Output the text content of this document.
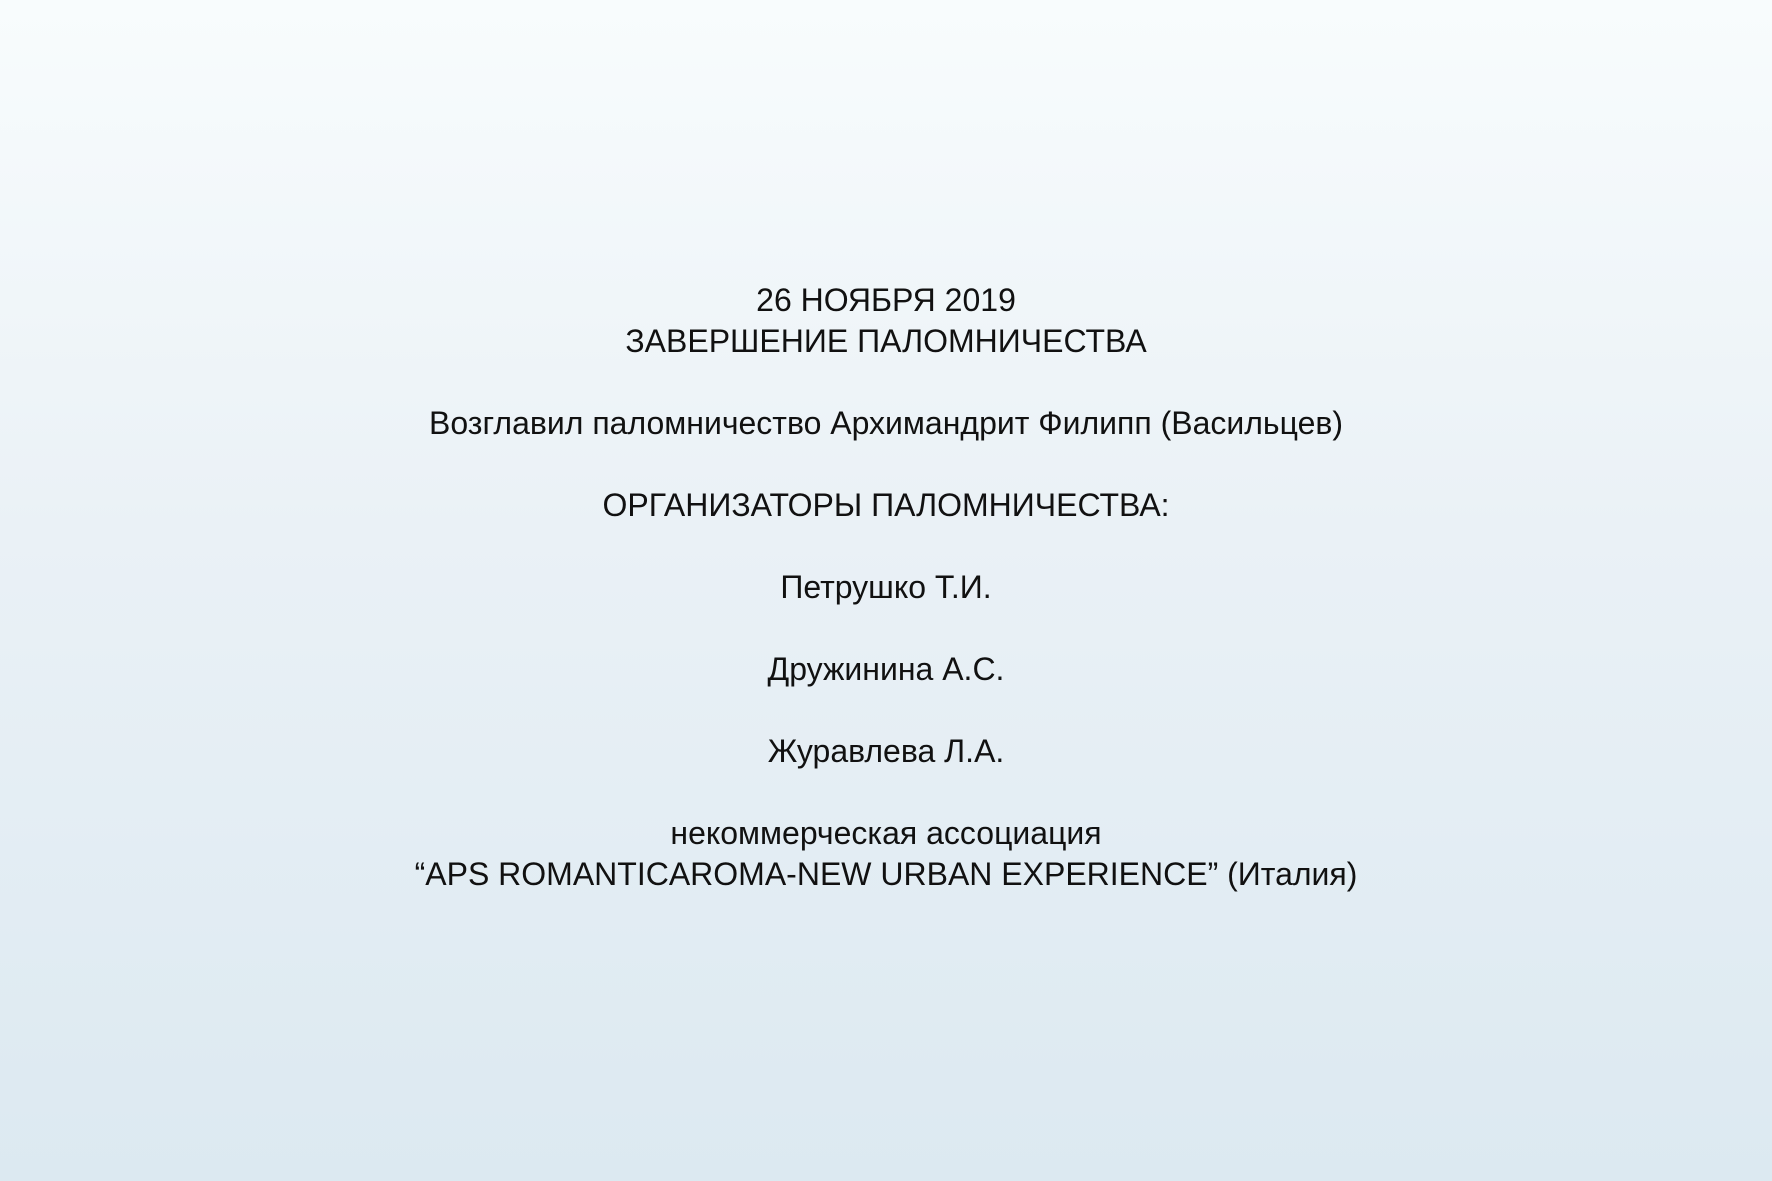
26 НОЯБРЯ 2019
ЗАВЕРШЕНИЕ ПАЛОМНИЧЕСТВА
Возглавил паломничество Архимандрит Филипп (Васильцев)
ОРГАНИЗАТОРЫ ПАЛОМНИЧЕСТВА:
Петрушко Т.И.
Дружинина А.С.
Журавлева Л.А.
некоммерческая ассоциация
“APS ROMANTICAROMA-NEW URBAN EXPERIENCE” (Италия)
